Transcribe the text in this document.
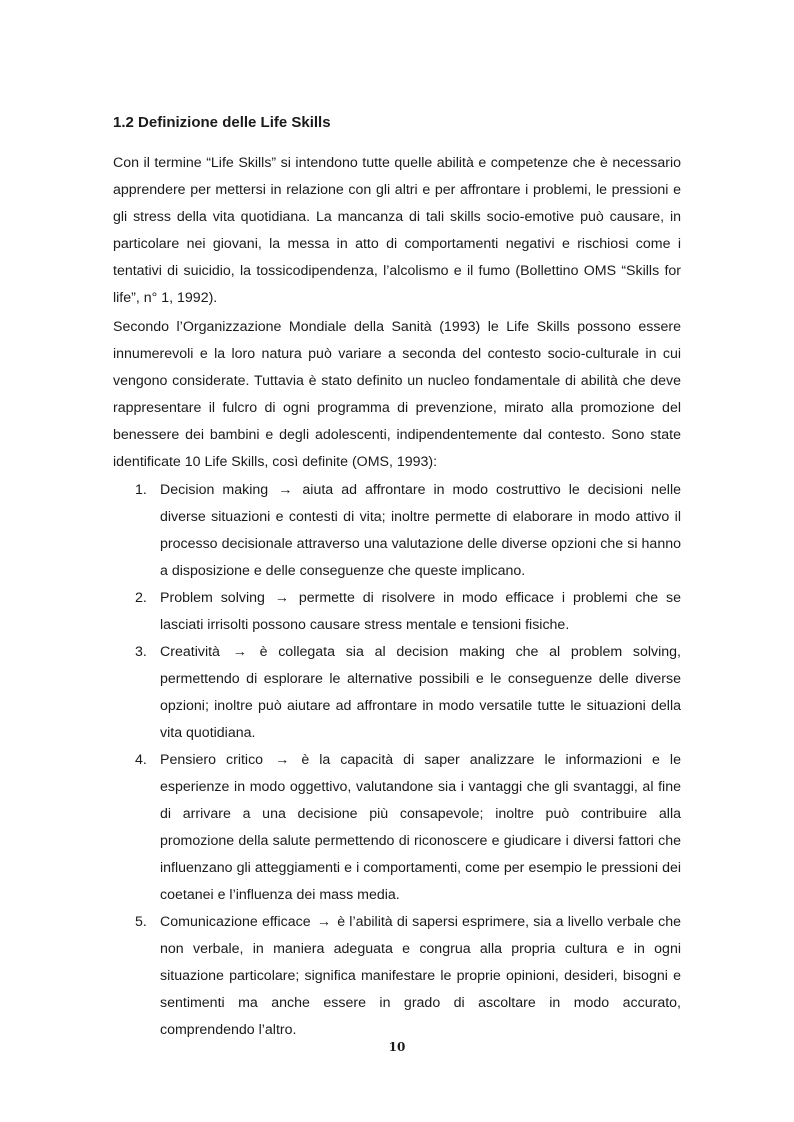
1.2 Definizione delle Life Skills

Con il termine “Life Skills” si intendono tutte quelle abilità e competenze che è necessario apprendere per mettersi in relazione con gli altri e per affrontare i problemi, le pressioni e gli stress della vita quotidiana. La mancanza di tali skills socio-emotive può causare, in particolare nei giovani, la messa in atto di comportamenti negativi e rischiosi come i tentativi di suicidio, la tossicodipendenza, l’alcolismo e il fumo (Bollettino OMS “Skills for life”, n° 1, 1992).

Secondo l’Organizzazione Mondiale della Sanità (1993) le Life Skills possono essere innumerevoli e la loro natura può variare a seconda del contesto socio-culturale in cui vengono considerate. Tuttavia è stato definito un nucleo fondamentale di abilità che deve rappresentare il fulcro di ogni programma di prevenzione, mirato alla promozione del benessere dei bambini e degli adolescenti, indipendentemente dal contesto. Sono state identificate 10 Life Skills, così definite (OMS, 1993):

1. Decision making → aiuta ad affrontare in modo costruttivo le decisioni nelle diverse situazioni e contesti di vita; inoltre permette di elaborare in modo attivo il processo decisionale attraverso una valutazione delle diverse opzioni che si hanno a disposizione e delle conseguenze che queste implicano.
2. Problem solving → permette di risolvere in modo efficace i problemi che se lasciati irrisolti possono causare stress mentale e tensioni fisiche.
3. Creatività → è collegata sia al decision making che al problem solving, permettendo di esplorare le alternative possibili e le conseguenze delle diverse opzioni; inoltre può aiutare ad affrontare in modo versatile tutte le situazioni della vita quotidiana.
4. Pensiero critico → è la capacità di saper analizzare le informazioni e le esperienze in modo oggettivo, valutandone sia i vantaggi che gli svantaggi, al fine di arrivare a una decisione più consapevole; inoltre può contribuire alla promozione della salute permettendo di riconoscere e giudicare i diversi fattori che influenzano gli atteggiamenti e i comportamenti, come per esempio le pressioni dei coetanei e l’influenza dei mass media.
5. Comunicazione efficace → è l’abilità di sapersi esprimere, sia a livello verbale che non verbale, in maniera adeguata e congrua alla propria cultura e in ogni situazione particolare; significa manifestare le proprie opinioni, desideri, bisogni e sentimenti ma anche essere in grado di ascoltare in modo accurato, comprendendo l’altro.
10
